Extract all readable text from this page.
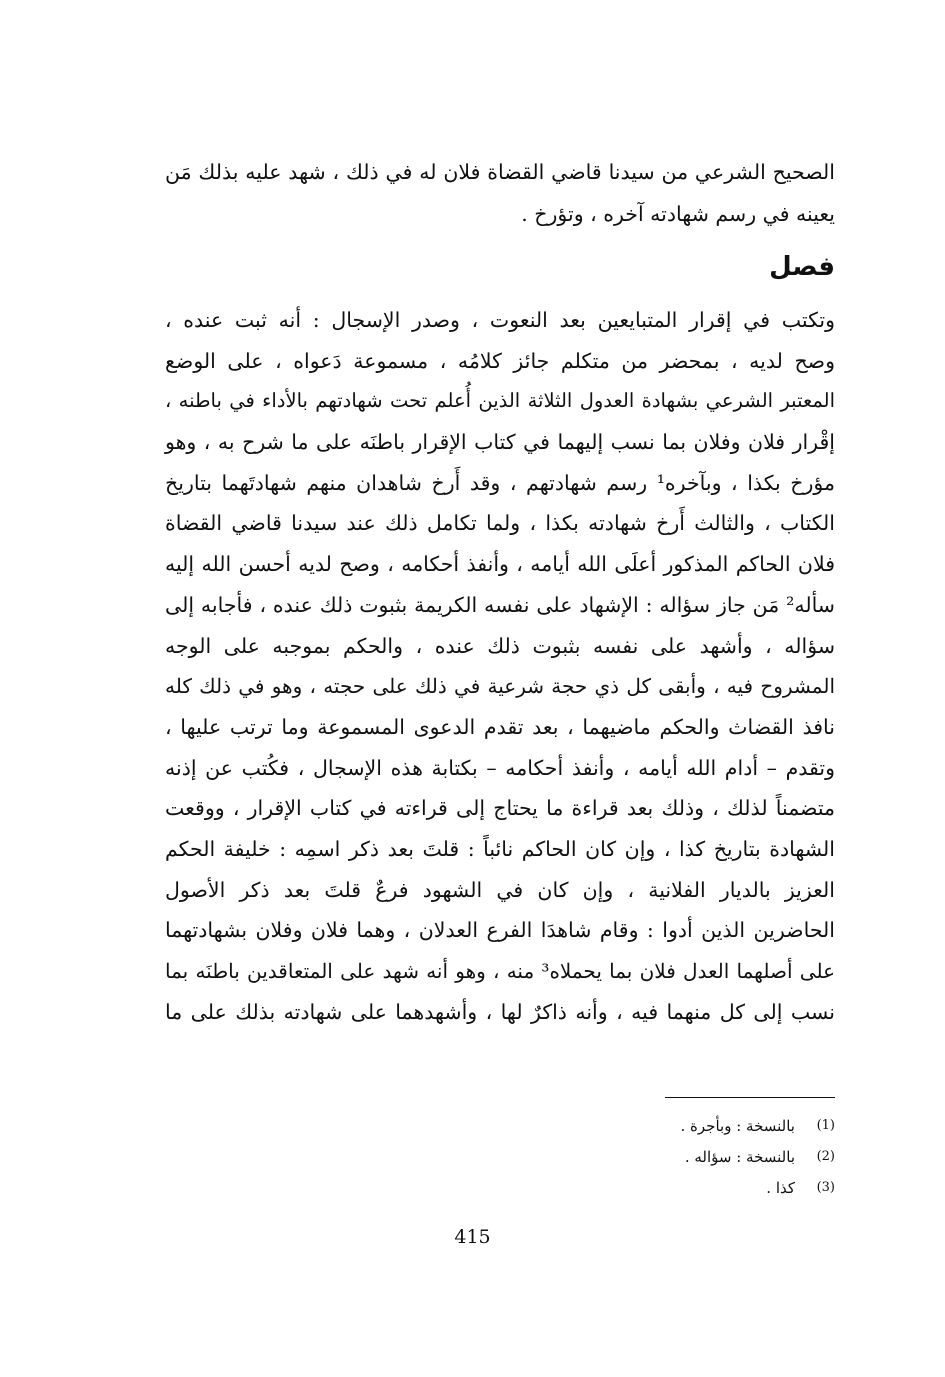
الصحيح الشرعي من سيدنا قاضي القضاة فلان له في ذلك ، شهد عليه بذلك مَن
يعينه في رسم شهادته آخره ، وتؤرخ .
فصل
وتكتب في إقرار المتبايعين بعد النعوت ، وصدر الإسجال : أنه ثبت عنده ،
وصح لديه ، بمحضر من متكلم جائز كلامُه ، مسموعة دَعواه ، على الوضع
المعتبر الشرعي بشهادة العدول الثلاثة الذين أُعلم تحت شهادتهم بالأداء في باطنه ،
إقْرار فلان وفلان بما نسب إليهما في كتاب الإقرار باطنَه على ما شرح به ، وهو
مؤرخ بكذا ، وبآخره¹ رسم شهادتهم ، وقد أَرخ شاهدان منهم شهادتَهما بتاريخ
الكتاب ، والثالث أَرخ شهادته بكذا ، ولما تكامل ذلك عند سيدنا قاضي القضاة
فلان الحاكم المذكور أعلَى الله أيامه ، وأنفذ أحكامه ، وصح لديه أحسن الله إليه
سأله² مَن جاز سؤاله : الإشهاد على نفسه الكريمة بثبوت ذلك عنده ، فأجابه إلى
سؤاله ، وأشهد على نفسه بثبوت ذلك عنده ، والحكم بموجبه على الوجه
المشروح فيه ، وأبقى كل ذي حجة شرعية في ذلك على حجته ، وهو في ذلك كله
نافذ القضاث والحكم ماضيهما ، بعد تقدم الدعوى المسموعة وما ترتب عليها ،
وتقدم – أدام الله أيامه ، وأنفذ أحكامه – بكتابة هذه الإسجال ، فكُتب عن إذنه
متضمناً لذلك ، وذلك بعد قراءة ما يحتاج إلى قراءته في كتاب الإقرار ، ووقعت
الشهادة بتاريخ كذا ، وإن كان الحاكم نائباً : قلتَ بعد ذكر اسمِه : خليفة الحكم
العزيز بالديار الفلانية ، وإن كان في الشهود فرعٌ قلتَ بعد ذكر الأصول
الحاضرين الذين أدوا : وقام شاهدَا الفرع العدلان ، وهما فلان وفلان بشهادتهما
على أصلهما العدل فلان بما يحملاه³ منه ، وهو أنه شهد على المتعاقدين باطنَه بما
نسب إلى كل منهما فيه ، وأنه ذاكرٌ لها ، وأشهدهما على شهادته بذلك على ما
(1)
بالنسخة : وبأجرة .
(2)
بالنسخة : سؤاله .
(3)
كذا .
415
